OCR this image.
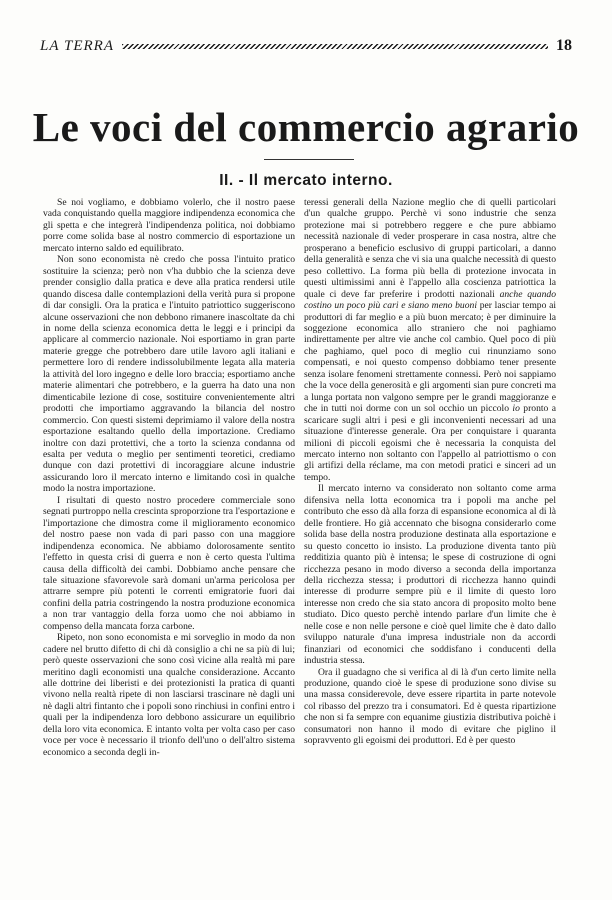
LA TERRA	18
Le voci del commercio agrario
II. - Il mercato interno.

Se noi vogliamo, e dobbiamo volerlo, che il nostro paese vada conquistando quella maggiore indipendenza economica che gli spetta e che integrerà l'indipendenza politica, noi dobbiamo porre come solida base al nostro commercio di esportazione un mercato interno saldo ed equilibrato.

Non sono economista nè credo che possa l'intuito pratico sostituire la scienza; però non v'ha dubbio che la scienza deve prender consiglio dalla pratica e deve alla pratica rendersi utile quando discesa dalle contemplazioni della verità pura si propone di dar consigli. Ora la pratica e l'intuito patriottico suggeriscono alcune osservazioni che non debbono rimanere inascoltate da chi in nome della scienza economica detta le leggi e i principi da applicare al commercio nazionale. Noi esportiamo in gran parte materie gregge che potrebbero dare utile lavoro agli italiani e permettere loro di rendere indissolubilmente legata alla materia la attività del loro ingegno e delle loro braccia; esportiamo anche materie alimentari che potrebbero, e la guerra ha dato una non dimenticabile lezione di cose, sostituire convenientemente altri prodotti che importiamo aggravando la bilancia del nostro commercio. Con questi sistemi deprimiamo il valore della nostra esportazione esaltando quello della importazione. Crediamo inoltre con dazi protettivi, che a torto la scienza condanna od esalta per veduta o meglio per sentimenti teoretici, crediamo dunque con dazi protettivi di incoraggiare alcune industrie assicurando loro il mercato interno e limitando così in qualche modo la nostra importazione.

I risultati di questo nostro procedere commerciale sono segnati purtroppo nella crescinta sproporzione tra l'esportazione e l'importazione che dimostra come il miglioramento economico del nostro paese non vada di pari passo con una maggiore indipendenza economica. Ne abbiamo dolorosamente sentito l'effetto in questa crisi di guerra e non è certo questa l'ultima causa della difficoltà dei cambi. Dobbiamo anche pensare che tale situazione sfavorevole sarà domani un'arma pericolosa per attrarre sempre più potenti le correnti emigratorie fuori dai confini della patria costringendo la nostra produzione economica a non trar vantaggio della forza uomo che noi abbiamo in compenso della mancata forza carbone.

Ripeto, non sono economista e mi sorveglio in modo da non cadere nel brutto difetto di chi dà consiglio a chi ne sa più di lui; però queste osservazioni che sono così vicine alla realtà mi pare meritino dagli economisti una qualche considerazione. Accanto alle dottrine dei liberisti e dei protezionisti la pratica di quanti vivono nella realtà ripete di non lasciarsi trascinare nè dagli uni nè dagli altri fintanto che i popoli sono rinchiusi in confini entro i quali per la indipendenza loro debbono assicurare un equilibrio della loro vita economica. E intanto volta per volta caso per caso voce per voce è necessario il trionfo dell'uno o dell'altro sistema economico a seconda degli in-

teressi generali della Nazione meglio che di quelli particolari d'un qualche gruppo. Perchè vi sono industrie che senza protezione mai si potrebbero reggere e che pure abbiamo necessità nazionale di veder prosperare in casa nostra, altre che prosperano a beneficio esclusivo di gruppi particolari, a danno della generalità e senza che vi sia una qualche necessità di questo peso collettivo. La forma più bella di protezione invocata in questi ultimissimi anni è l'appello alla coscienza patriottica la quale ci deve far preferire i prodotti nazionali anche quando costino un poco più cari e siano meno buoni per lasciar tempo ai produttori di far meglio e a più buon mercato; è per diminuire la soggezione economica allo straniero che noi paghiamo indirettamente per altre vie anche col cambio. Quel poco di più che paghiamo, quel poco di meglio cui rinunziamo sono compensati, e noi questo compenso dobbiamo tener presente senza isolare fenomeni strettamente connessi. Però noi sappiamo che la voce della generosità e gli argomenti sian pure concreti ma a lunga portata non valgono sempre per le grandi maggioranze e che in tutti noi dorme con un sol occhio un piccolo io pronto a scaricare sugli altri i pesi e gli inconvenienti necessari ad una situazione d'interesse generale. Ora per conquistare i quaranta milioni di piccoli egoismi che è necessaria la conquista del mercato interno non soltanto con l'appello al patriottismo o con gli artifizi della réclame, ma con metodi pratici e sinceri ad un tempo.

Il mercato interno va considerato non soltanto come arma difensiva nella lotta economica tra i popoli ma anche pel contributo che esso dà alla forza di espansione economica al di là delle frontiere. Ho già accennato che bisogna considerarlo come solida base della nostra produzione destinata alla esportazione e su questo concetto io insisto. La produzione diventa tanto più redditizia quanto più è intensa; le spese di costruzione di ogni ricchezza pesano in modo diverso a seconda della importanza della ricchezza stessa; i produttori di ricchezza hanno quindi interesse di produrre sempre più e il limite di questo loro interesse non credo che sia stato ancora di proposito molto bene studiato. Dico questo perchè intendo parlare d'un limite che è nelle cose e non nelle persone e cioè quel limite che è dato dallo sviluppo naturale d'una impresa industriale non da accordi finanziari od economici che soddisfano i conducenti della industria stessa.

Ora il guadagno che si verifica al di là d'un certo limite nella produzione, quando cioè le spese di produzione sono divise su una massa considerevole, deve essere ripartita in parte notevole col ribasso del prezzo tra i consumatori. Ed è questa ripartizione che non si fa sempre con equanime giustizia distributiva poichè i consumatori non hanno il modo di evitare che piglino il sopravvento gli egoismi dei produttori. Ed è per questo
